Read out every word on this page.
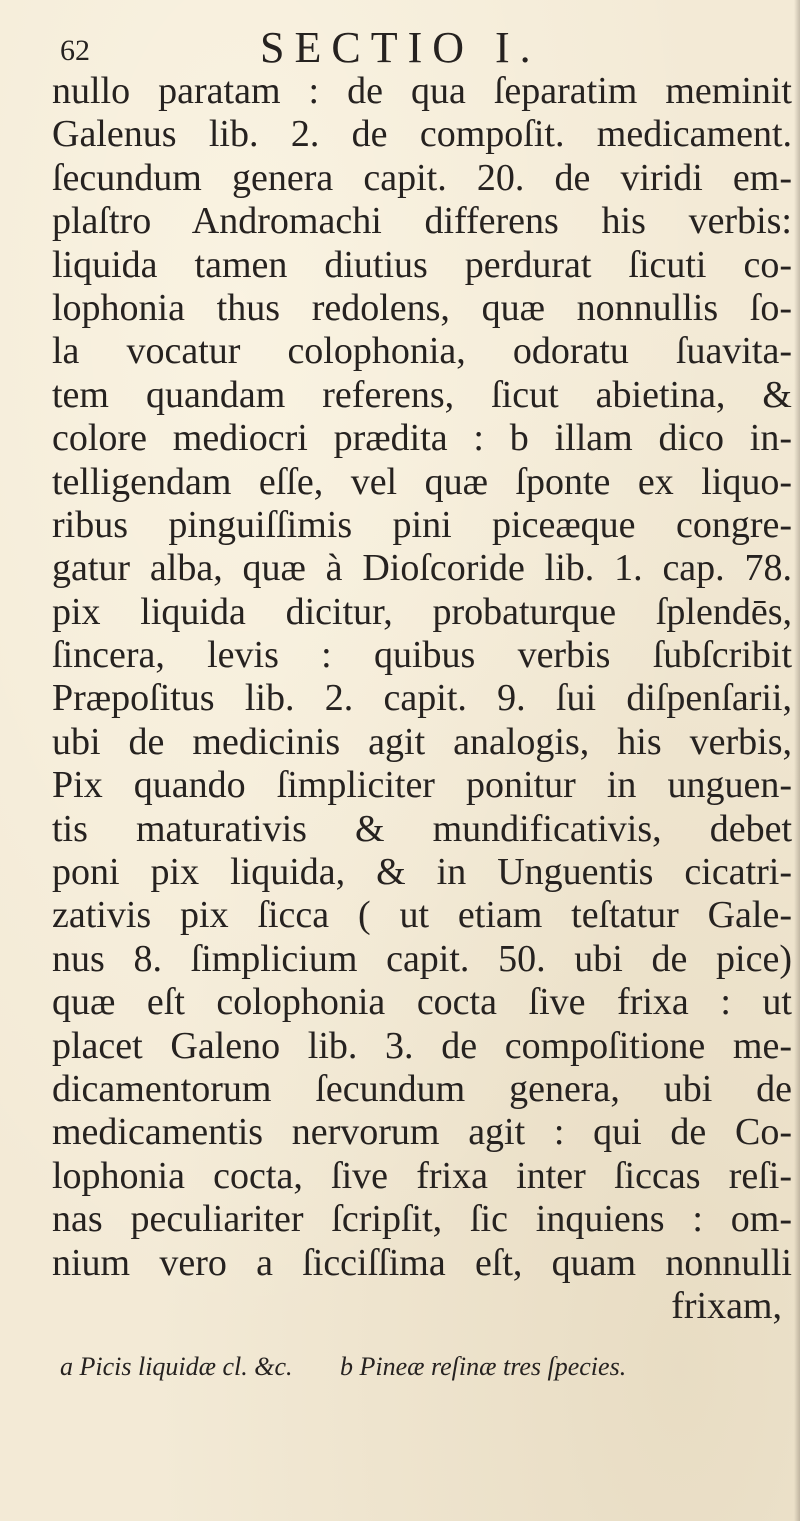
62	SECTIO I.
nullo paratam : de qua ſeparatim meminit
Galenus lib. 2. de compoſit. medicament.
ſecundum genera capit. 20. de viridi em-
plaſtro Andromachi differens his verbis:
liquida tamen diutius perdurat ſicuti co-
lophonia thus redolens, quæ nonnullis ſo-
la vocatur colophonia, odoratu ſuavita-
tem quandam referens, ſicut abietina, &
colore mediocri prædita : b illam dico in-
telligendam eſſe, vel quæ ſponte ex liquo-
ribus pinguiſſimis pini piceæque congre-
gatur alba, quæ à Dioſcoride lib. 1. cap. 78.
pix liquida dicitur, probaturque ſplendēs,
ſincera, levis : quibus verbis ſubſcribit
Præpoſitus lib. 2. capit. 9. ſui diſpenſarii,
ubi de medicinis agit analogis, his verbis,
Pix quando ſimpliciter ponitur in unguen-
tis maturativis & mundificativis, debet
poni pix liquida, & in Unguentis cicatri-
zativis pix ſicca ( ut etiam teſtatur Gale-
nus 8. ſimplicium capit. 50. ubi de pice)
quæ eſt colophonia cocta ſive frixa : ut
placet Galeno lib. 3. de compoſitione me-
dicamentorum ſecundum genera, ubi de
medicamentis nervorum agit : qui de Co-
lophonia cocta, ſive frixa inter ſiccas reſi-
nas peculiariter ſcripſit, ſic inquiens : om-
nium vero a ſicciſſima eſt, quam nonnulli
frixam,
a Picis liquidæ cl. &c. b Pineæ reſinæ tres ſpecies.
